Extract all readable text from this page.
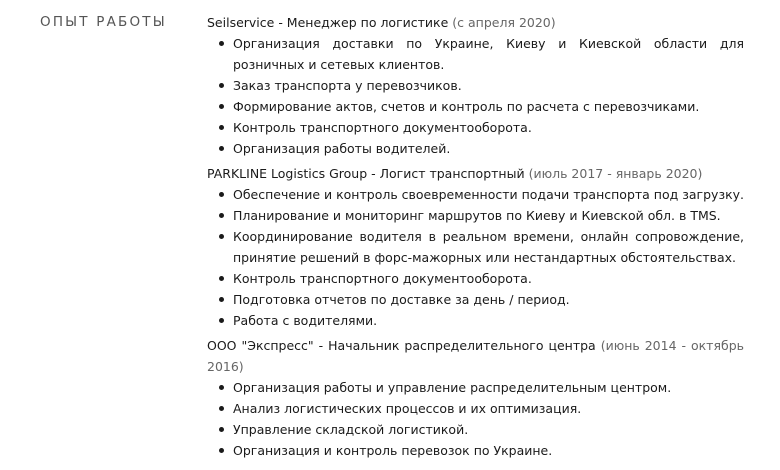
ОПЫТ РАБОТЫ	Seilservice - Менеджер по логистике (с апреля 2020)

Организация доставки по Украине, Киеву и Киевской области для розничных и сетевых клиентов.
Заказ транспорта у перевозчиков.
Формирование актов, счетов и контроль по расчета с перевозчиками.
Контроль транспортного документооборота.
Организация работы водителей.

PARKLINE Logistics Group - Логист транспортный (июль 2017 - январь 2020)

Обеспечение и контроль своевременности подачи транспорта под загрузку.
Планирование и мониторинг маршрутов по Киеву и Киевской обл. в TMS.
Координирование водителя в реальном времени, онлайн сопровождение, принятие решений в форс-мажорных или нестандартных обстоятельствах.
Контроль транспортного документооборота.
Подготовка отчетов по доставке за день / период.
Работа с водителями.

ООО "Экспресс" - Начальник распределительного центра (июнь 2014 - октябрь 2016)

Организация работы и управление распределительным центром.
Анализ логистических процессов и их оптимизация.
Управление складской логистикой.
Организация и контроль перевозок по Украине.
